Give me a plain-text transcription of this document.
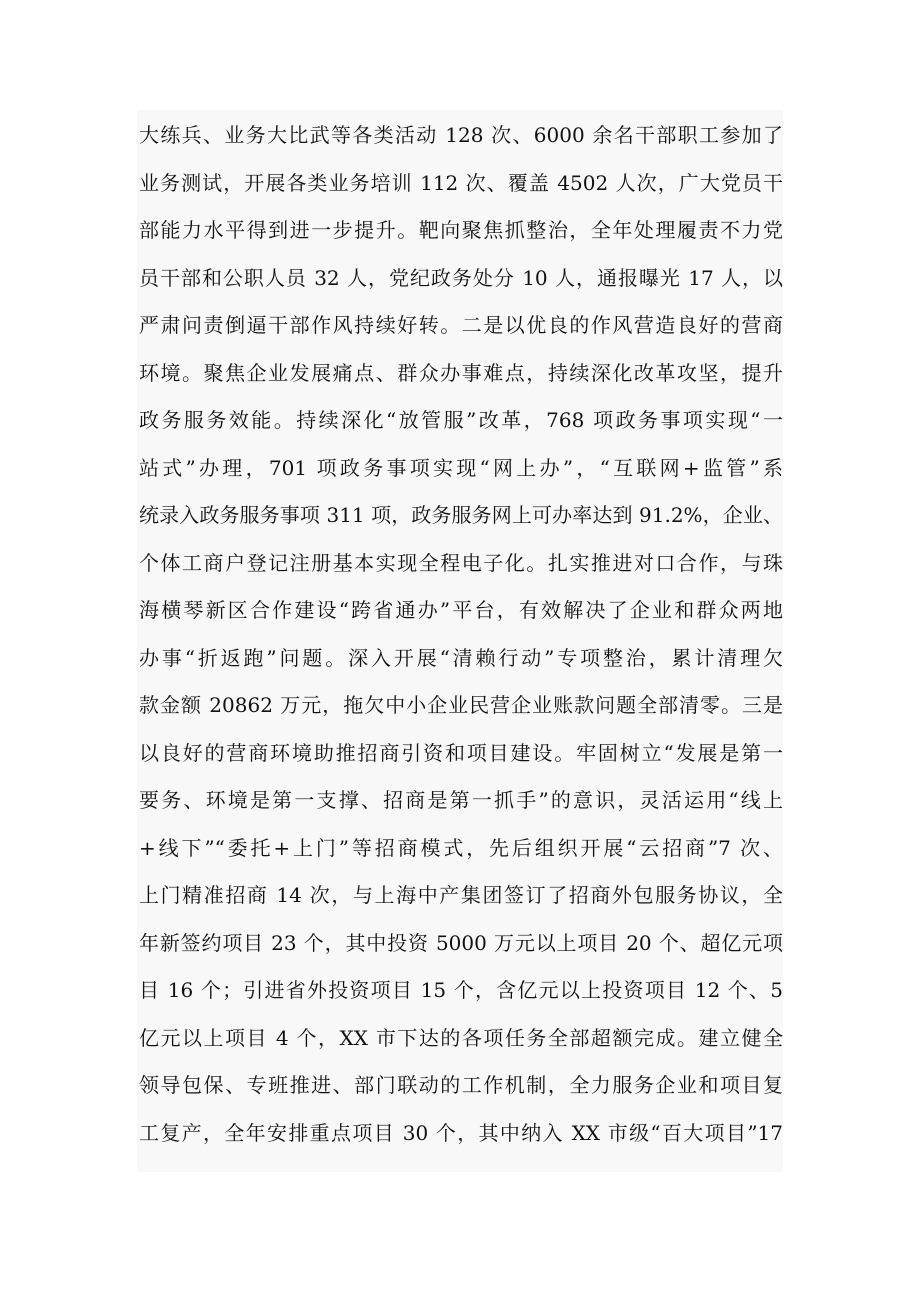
大练兵、业务大比武等各类活动 128 次、6000 余名干部职工参加了
业务测试，开展各类业务培训 112 次、覆盖 4502 人次，广大党员干
部能力水平得到进一步提升。靶向聚焦抓整治，全年处理履责不力党
员干部和公职人员 32 人，党纪政务处分 10 人，通报曝光 17 人，以
严肃问责倒逼干部作风持续好转。二是以优良的作风营造良好的营商
环境。聚焦企业发展痛点、群众办事难点，持续深化改革攻坚，提升
政务服务效能。持续深化“放管服”改革，768 项政务事项实现“一
站式”办理，701 项政务事项实现“网上办”，“互联网+监管”系
统录入政务服务事项 311 项，政务服务网上可办率达到 91.2%，企业、
个体工商户登记注册基本实现全程电子化。扎实推进对口合作，与珠
海横琴新区合作建设“跨省通办”平台，有效解决了企业和群众两地
办事“折返跑”问题。深入开展“清赖行动”专项整治，累计清理欠
款金额 20862 万元，拖欠中小企业民营企业账款问题全部清零。三是
以良好的营商环境助推招商引资和项目建设。牢固树立“发展是第一
要务、环境是第一支撑、招商是第一抓手”的意识，灵活运用“线上
+线下”“委托+上门”等招商模式，先后组织开展“云招商”7 次、
上门精准招商 14 次，与上海中产集团签订了招商外包服务协议，全
年新签约项目 23 个，其中投资 5000 万元以上项目 20 个、超亿元项
目 16 个；引进省外投资项目 15 个，含亿元以上投资项目 12 个、5
亿元以上项目 4 个，XX 市下达的各项任务全部超额完成。建立健全
领导包保、专班推进、部门联动的工作机制，全力服务企业和项目复
工复产，全年安排重点项目 30 个，其中纳入 XX 市级“百大项目”17
